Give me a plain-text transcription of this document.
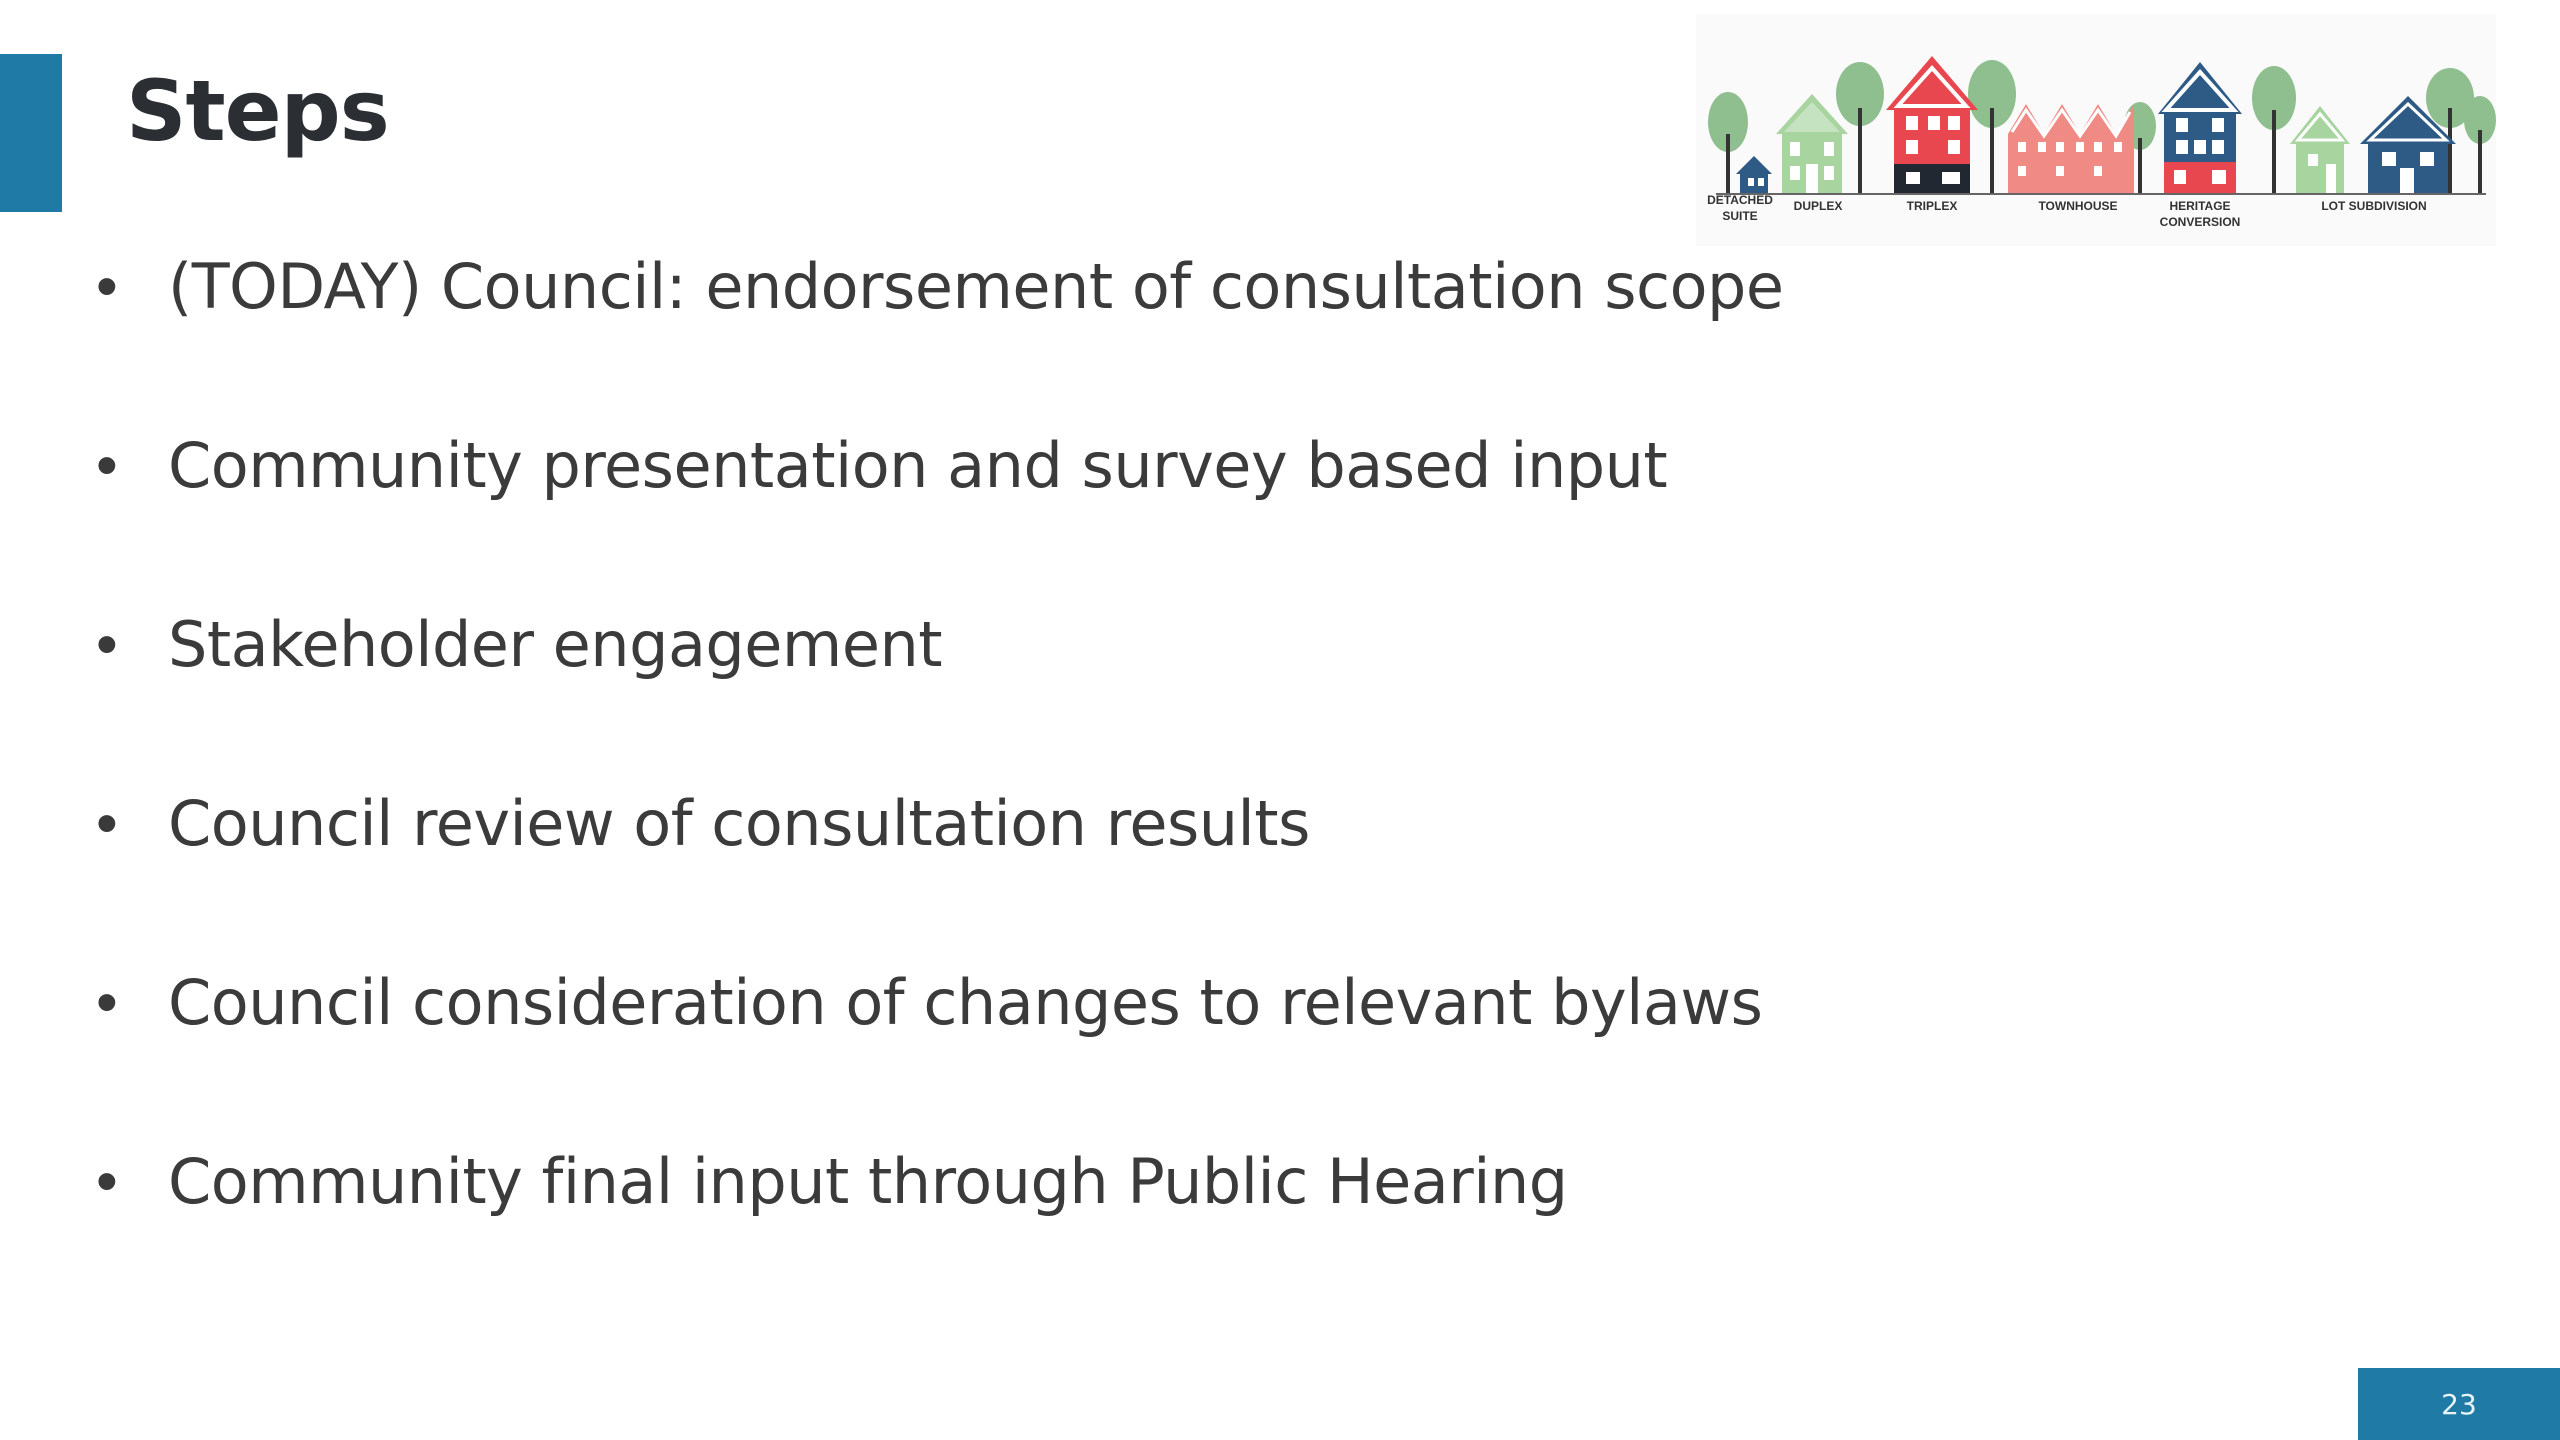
Steps
DETACHED
SUITE
DUPLEX	TRIPLEX	TOWNHOUSE	HERITAGE
CONVERSION
LOT SUBDIVISION
• (TODAY) Council: endorsement of consultation scope
• Community presentation and survey based input
• Stakeholder engagement
• Council review of consultation results
• Council consideration of changes to relevant bylaws
• Community final input through Public Hearing
23
